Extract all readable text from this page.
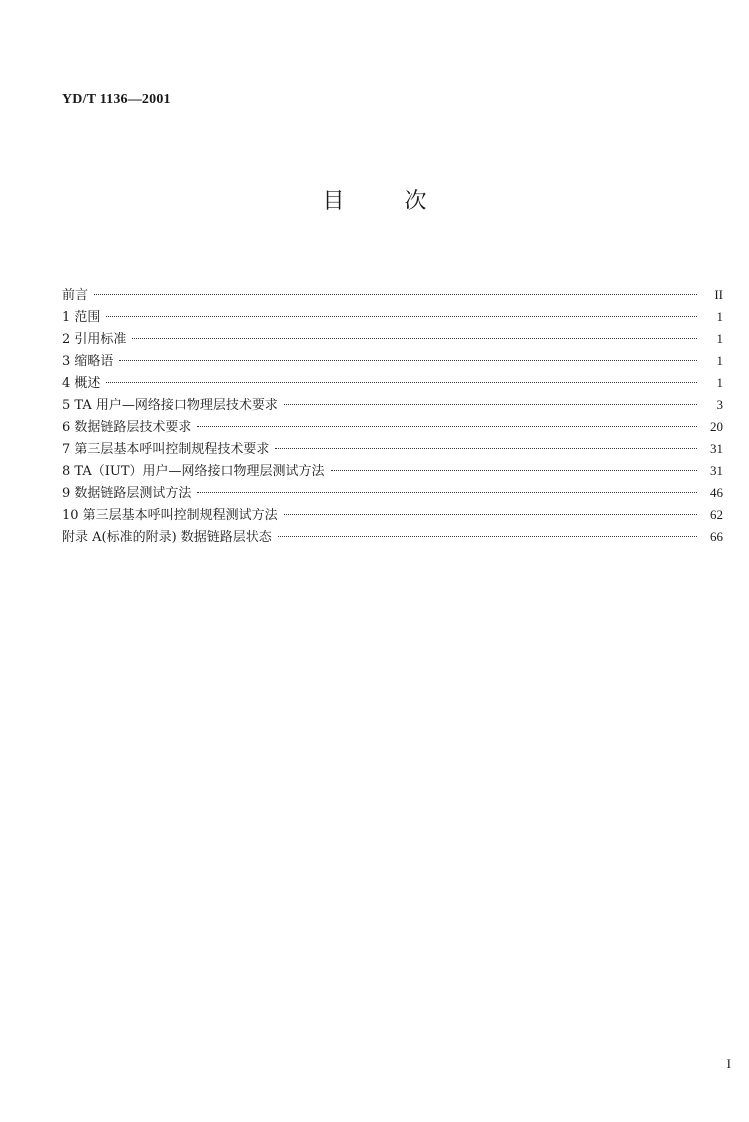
YD/T 1136—2001
目	次
前言	II
1 范围	1
2 引用标准	1
3 缩略语	1
4 概述	1
5 TA 用户—网络接口物理层技术要求	3
6 数据链路层技术要求	20
7 第三层基本呼叫控制规程技术要求	31
8 TA（IUT）用户—网络接口物理层测试方法	31
9 数据链路层测试方法	46
10 第三层基本呼叫控制规程测试方法	62
附录 A(标准的附录) 数据链路层状态	66
I
